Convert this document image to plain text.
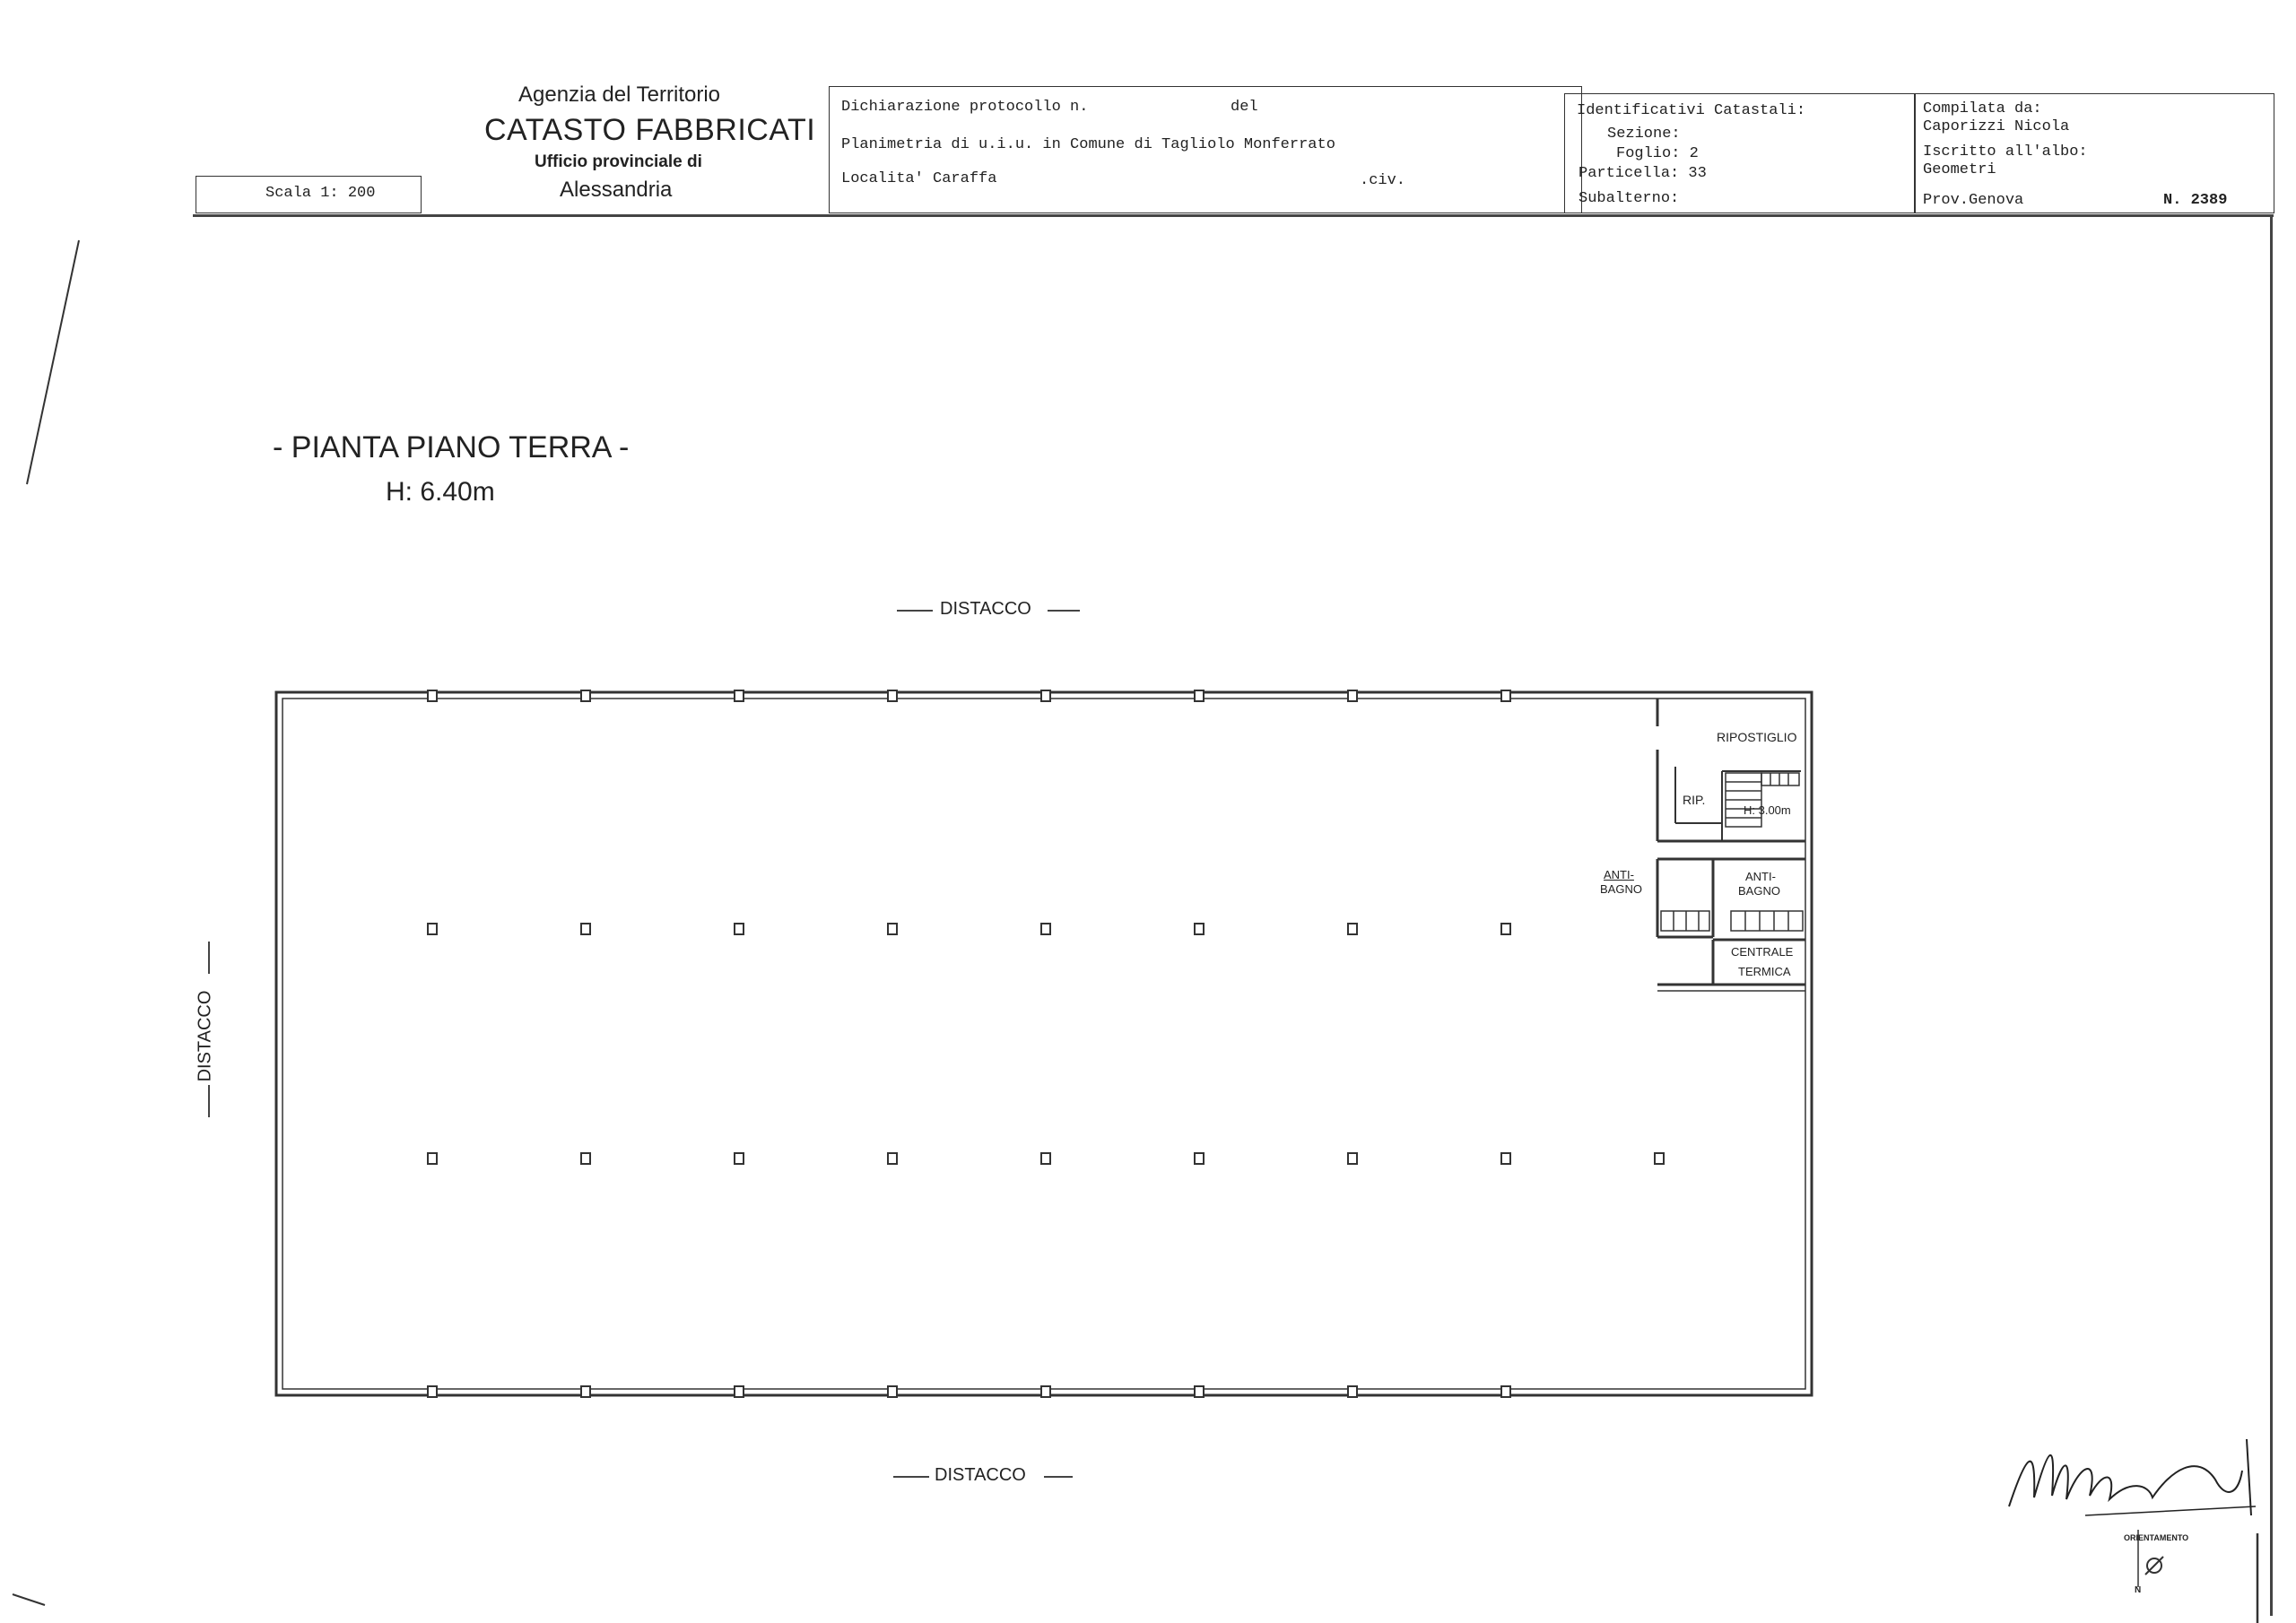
Scala 1: 200
Agenzia del Territorio
CATASTO FABBRICATI
Ufficio provinciale di
Alessandria
Dichiarazione protocollo n.	del
Planimetria di u.i.u. in Comune di Tagliolo Monferrato
Localita' Caraffa	.civ.
Identificativi Catastali:
Sezione:
Foglio: 2
Particella: 33
Subalterno:
Compilata da:
Caporizzi Nicola
Iscritto all'albo:
Geometri
Prov.Genova	N. 2389
- PIANTA PIANO TERRA -
H: 6.40m
DISTACCO
DISTACCO
DISTACCO
RIPOSTIGLIO
RIP.
H: 3.00m
ANTI-
BAGNO
ANTI-
BAGNO
CENTRALE
TERMICA
ORIENTAMENTO
N
